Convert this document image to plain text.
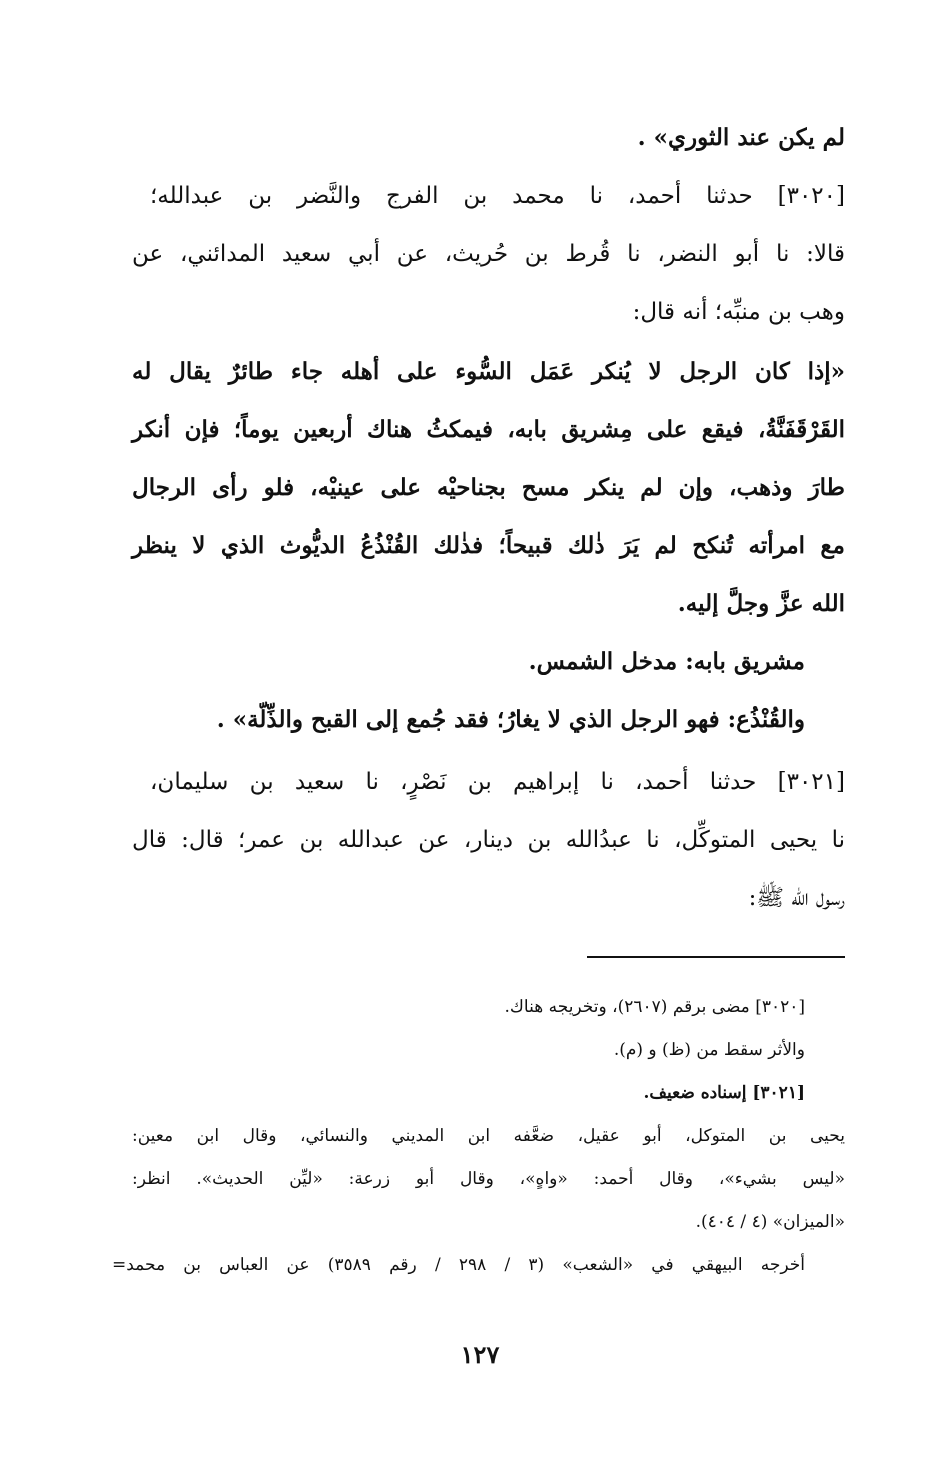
لم يكن عند الثوري» .
[٣٠٢٠] حدثنا أحمد، نا محمد بن الفرج والنَّضر بن عبدالله؛
قالا: نا أبو النضر، نا قُرط بن حُريث، عن أبي سعيد المدائني، عن
وهب بن منبِّه؛ أنه قال:
«إذا كان الرجل لا يُنكر عَمَل السُّوء على أهله جاء طائرٌ يقال له
القَرْقَفَنَّةُ، فيقع على مِشريق بابه، فيمكثُ هناك أربعين يوماً؛ فإن أنكر
طارَ وذهب، وإن لم ينكر مسح بجناحيْه على عينيْه، فلو رأى الرجال
مع امرأته تُنكح لم يَرَ ذٰلك قبيحاً؛ فذٰلك القُنْذُعُ الديُّوث الذي لا ينظر
الله عزَّ وجلَّ إليه.
مشريق بابه: مدخل الشمس.
والقُنْذُع: فهو الرجل الذي لا يغارُ؛ فقد جُمع إلى القبح والذِّلّة» .
[٣٠٢١] حدثنا أحمد، نا إبراهيم بن نَصْرٍ، نا سعيد بن سليمان،
نا يحيى المتوكِّل، نا عبدُالله بن دينار، عن عبدالله بن عمر؛ قال: قال
رسول الله ﷺ:
[٣٠٢٠] مضى برقم (٢٦٠٧)، وتخريجه هناك.
والأثر سقط من (ظ) و (م).
[٣٠٢١] إسناده ضعيف.
يحيى بن المتوكل، أبو عقيل، ضعَّفه ابن المديني والنسائي، وقال ابن معين:
«ليس بشيء»، وقال أحمد: «واهٍ»، وقال أبو زرعة: «ليِّن الحديث». انظر:
«الميزان» (٤ / ٤٠٤).
أخرجه البيهقي في «الشعب» (٣ / ٢٩٨ / رقم ٣٥٨٩) عن العباس بن محمد=
١٢٧
